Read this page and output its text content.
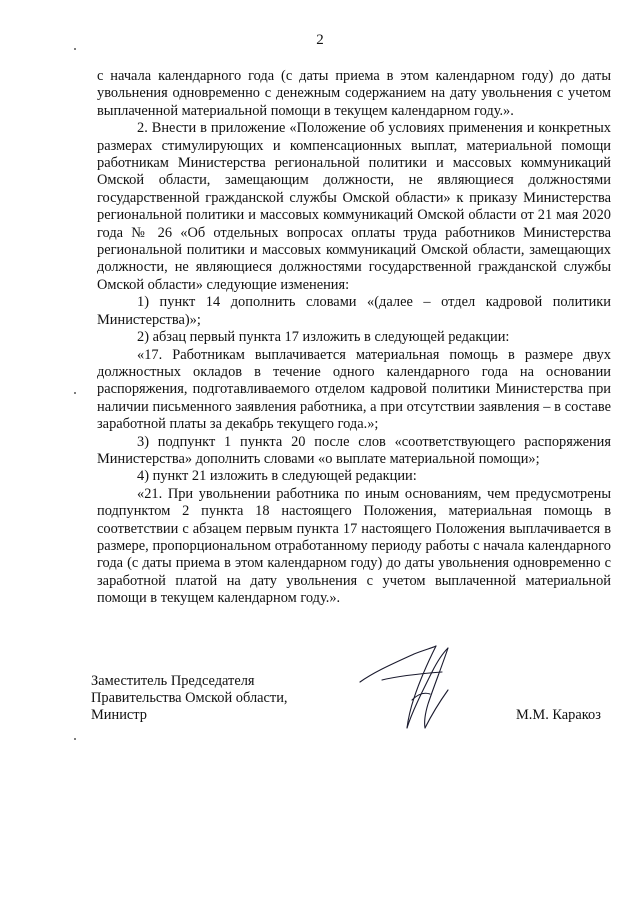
2

с начала календарного года (с даты приема в этом календарном году) до даты увольнения одновременно с денежным содержанием на дату увольнения с учетом выплаченной материальной помощи в текущем календарном году.».

2. Внести в приложение «Положение об условиях применения и конкретных размерах стимулирующих и компенсационных выплат, материальной помощи работникам Министерства региональной политики и массовых коммуникаций Омской области, замещающим должности, не являющиеся должностями государственной гражданской службы Омской области» к приказу Министерства региональной политики и массовых коммуникаций Омской области от 21 мая 2020 года № 26 «Об отдельных вопросах оплаты труда работников Министерства региональной политики и массовых коммуникаций Омской области, замещающих должности, не являющиеся должностями государственной гражданской службы Омской области» следующие изменения:

1) пункт 14 дополнить словами «(далее – отдел кадровой политики Министерства)»;

2) абзац первый пункта 17 изложить в следующей редакции:

«17. Работникам выплачивается материальная помощь в размере двух должностных окладов в течение одного календарного года на основании распоряжения, подготавливаемого отделом кадровой политики Министерства при наличии письменного заявления работника, а при отсутствии заявления – в составе заработной платы за декабрь текущего года.»;

3) подпункт 1 пункта 20 после слов «соответствующего распоряжения Министерства» дополнить словами «о выплате материальной помощи»;

4) пункт 21 изложить в следующей редакции:

«21. При увольнении работника по иным основаниям, чем предусмотрены подпунктом 2 пункта 18 настоящего Положения, материальная помощь в соответствии с абзацем первым пункта 17 настоящего Положения выплачивается в размере, пропорциональном отработанному периоду работы с начала календарного года (с даты приема в этом календарном году) до даты увольнения одновременно с заработной платой на дату увольнения с учетом выплаченной материальной помощи в текущем календарном году.».

Заместитель Председателя
Правительства Омской области,
Министр	М.М. Каракоз
